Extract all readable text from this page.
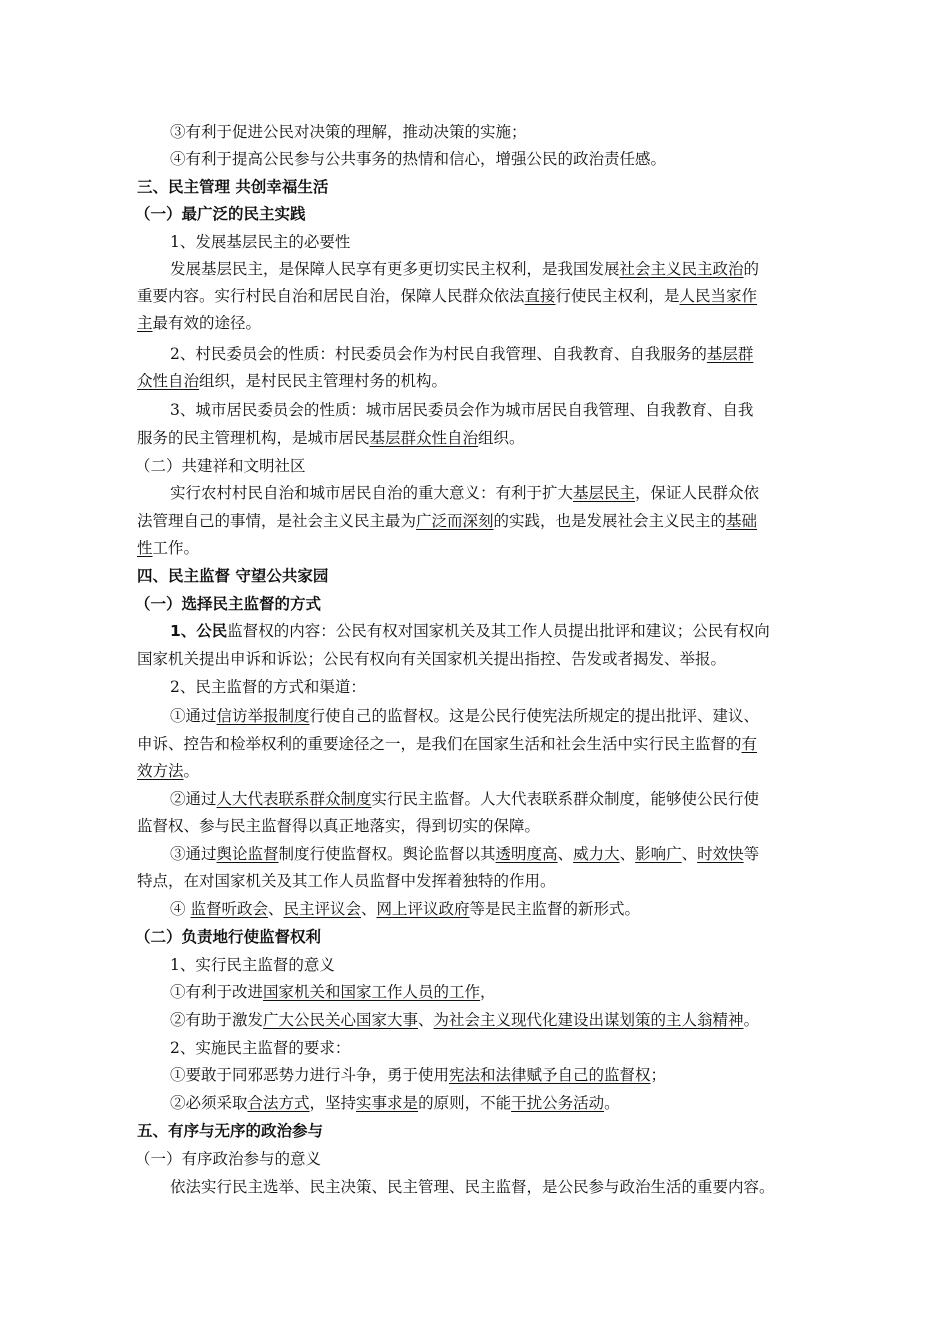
③有利于促进公民对决策的理解，推动决策的实施；
④有利于提高公民参与公共事务的热情和信心，增强公民的政治责任感。
三、民主管理 共创幸福生活
（一）最广泛的民主实践
1、发展基层民主的必要性
发展基层民主，是保障人民享有更多更切实民主权利，是我国发展社会主义民主政治的
重要内容。实行村民自治和居民自治，保障人民群众依法直接行使民主权利，是人民当家作
主最有效的途径。
2、村民委员会的性质：村民委员会作为村民自我管理、自我教育、自我服务的基层群
众性自治组织，是村民民主管理村务的机构。
3、城市居民委员会的性质：城市居民委员会作为城市居民自我管理、自我教育、自我
服务的民主管理机构，是城市居民基层群众性自治组织。
（二）共建祥和文明社区
实行农村村民自治和城市居民自治的重大意义：有利于扩大基层民主，保证人民群众依
法管理自己的事情，是社会主义民主最为广泛而深刻的实践，也是发展社会主义民主的基础
性工作。
四、民主监督 守望公共家园
（一）选择民主监督的方式
1、公民监督权的内容：公民有权对国家机关及其工作人员提出批评和建议；公民有权向
国家机关提出申诉和诉讼；公民有权向有关国家机关提出指控、告发或者揭发、举报。
2、民主监督的方式和渠道：
①通过信访举报制度行使自己的监督权。这是公民行使宪法所规定的提出批评、建议、
申诉、控告和检举权利的重要途径之一，是我们在国家生活和社会生活中实行民主监督的有
效方法。
②通过人大代表联系群众制度实行民主监督。人大代表联系群众制度，能够使公民行使
监督权、参与民主监督得以真正地落实，得到切实的保障。
③通过舆论监督制度行使监督权。舆论监督以其透明度高、威力大、影响广、时效快等
特点，在对国家机关及其工作人员监督中发挥着独特的作用。
④ 监督听政会、民主评议会、网上评议政府等是民主监督的新形式。
（二）负责地行使监督权利
1、实行民主监督的意义
①有利于改进国家机关和国家工作人员的工作，
②有助于激发广大公民关心国家大事、为社会主义现代化建设出谋划策的主人翁精神。
2、实施民主监督的要求：
①要敢于同邪恶势力进行斗争，勇于使用宪法和法律赋予自己的监督权；
②必须采取合法方式，坚持实事求是的原则，不能干扰公务活动。
五、有序与无序的政治参与
（一）有序政治参与的意义
依法实行民主选举、民主决策、民主管理、民主监督，是公民参与政治生活的重要内容。
